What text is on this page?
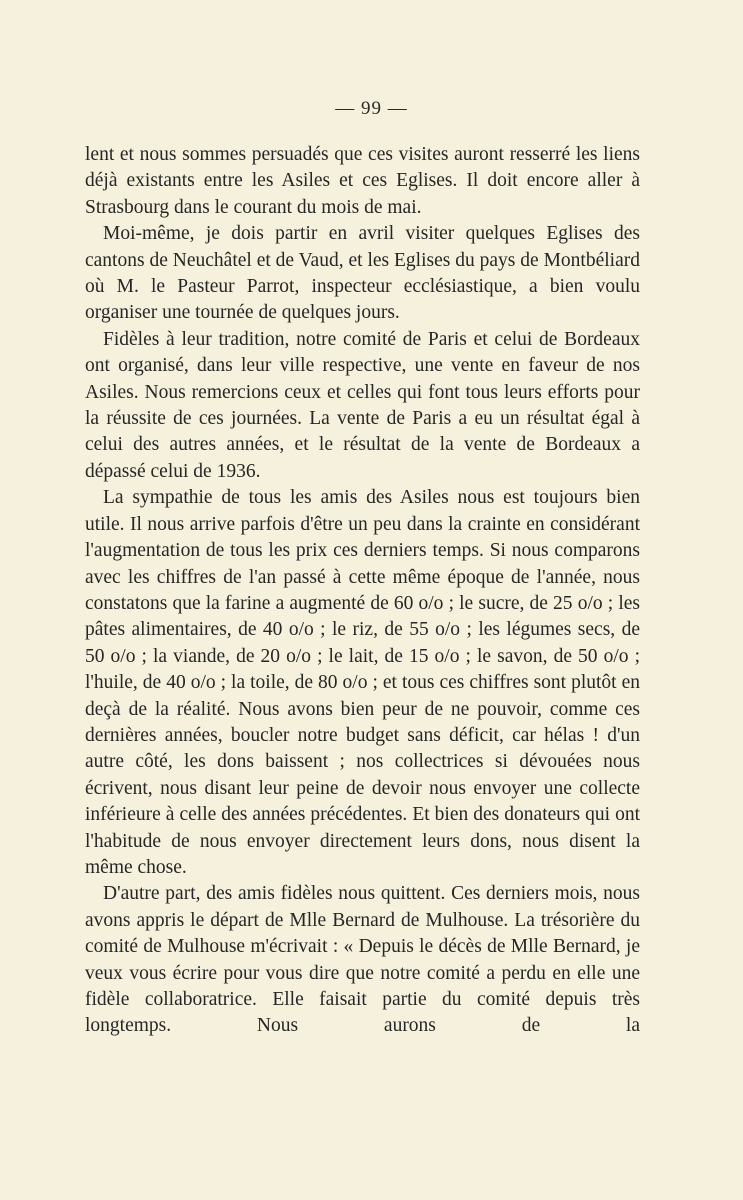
— 99 —

lent et nous sommes persuadés que ces visites auront resserré les liens déjà existants entre les Asiles et ces Eglises. Il doit encore aller à Strasbourg dans le courant du mois de mai.

Moi-même, je dois partir en avril visiter quelques Eglises des cantons de Neuchâtel et de Vaud, et les Eglises du pays de Montbéliard où M. le Pasteur Parrot, inspecteur ecclésiastique, a bien voulu organiser une tournée de quelques jours.

Fidèles à leur tradition, notre comité de Paris et celui de Bordeaux ont organisé, dans leur ville respective, une vente en faveur de nos Asiles. Nous remercions ceux et celles qui font tous leurs efforts pour la réussite de ces journées. La vente de Paris a eu un résultat égal à celui des autres années, et le résultat de la vente de Bordeaux a dépassé celui de 1936.

La sympathie de tous les amis des Asiles nous est toujours bien utile. Il nous arrive parfois d'être un peu dans la crainte en considérant l'augmentation de tous les prix ces derniers temps. Si nous comparons avec les chiffres de l'an passé à cette même époque de l'année, nous constatons que la farine a augmenté de 60 o/o ; le sucre, de 25 o/o ; les pâtes alimentaires, de 40 o/o ; le riz, de 55 o/o ; les légumes secs, de 50 o/o ; la viande, de 20 o/o ; le lait, de 15 o/o ; le savon, de 50 o/o ; l'huile, de 40 o/o ; la toile, de 80 o/o ; et tous ces chiffres sont plutôt en deçà de la réalité. Nous avons bien peur de ne pouvoir, comme ces dernières années, boucler notre budget sans déficit, car hélas ! d'un autre côté, les dons baissent ; nos collectrices si dévouées nous écrivent, nous disant leur peine de devoir nous envoyer une collecte inférieure à celle des années précédentes. Et bien des donateurs qui ont l'habitude de nous envoyer directement leurs dons, nous disent la même chose.

D'autre part, des amis fidèles nous quittent. Ces derniers mois, nous avons appris le départ de Mlle Bernard de Mulhouse. La trésorière du comité de Mulhouse m'écrivait : « Depuis le décès de Mlle Bernard, je veux vous écrire pour vous dire que notre comité a perdu en elle une fidèle collaboratrice. Elle faisait partie du comité depuis très longtemps. Nous aurons de la
